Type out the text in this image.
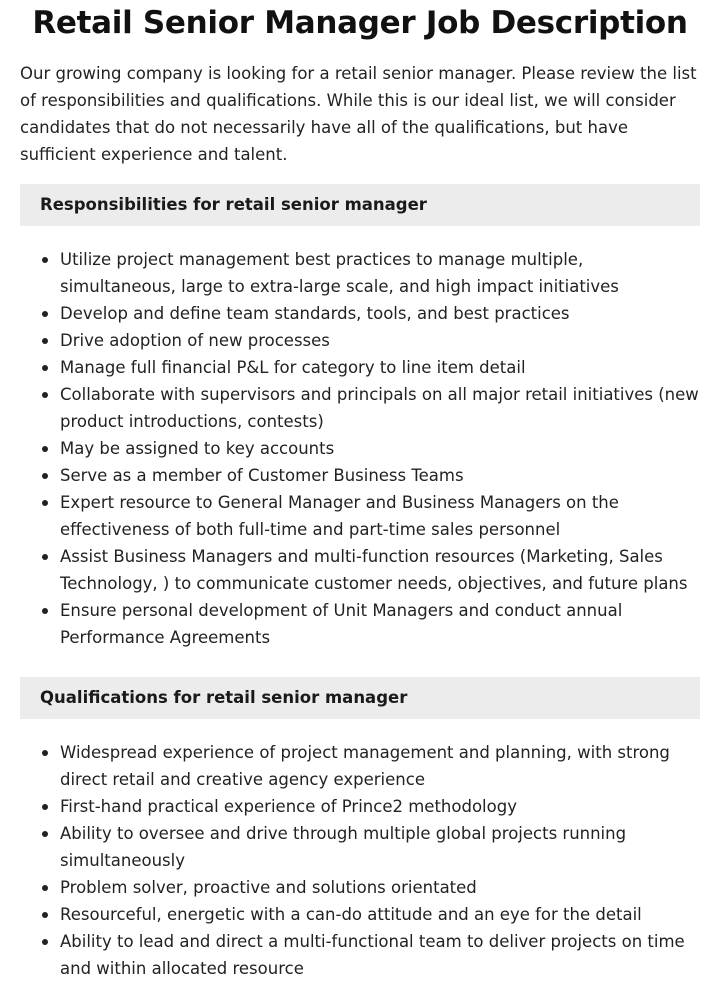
Retail Senior Manager Job Description

Our growing company is looking for a retail senior manager. Please review the list of responsibilities and qualifications. While this is our ideal list, we will consider candidates that do not necessarily have all of the qualifications, but have sufficient experience and talent.

Responsibilities for retail senior manager
Utilize project management best practices to manage multiple, simultaneous, large to extra-large scale, and high impact initiatives
Develop and define team standards, tools, and best practices
Drive adoption of new processes
Manage full financial P&L for category to line item detail
Collaborate with supervisors and principals on all major retail initiatives (new product introductions, contests)
May be assigned to key accounts
Serve as a member of Customer Business Teams
Expert resource to General Manager and Business Managers on the effectiveness of both full-time and part-time sales personnel
Assist Business Managers and multi-function resources (Marketing, Sales Technology, ) to communicate customer needs, objectives, and future plans
Ensure personal development of Unit Managers and conduct annual Performance Agreements
Qualifications for retail senior manager
Widespread experience of project management and planning, with strong direct retail and creative agency experience
First-hand practical experience of Prince2 methodology
Ability to oversee and drive through multiple global projects running simultaneously
Problem solver, proactive and solutions orientated
Resourceful, energetic with a can-do attitude and an eye for the detail
Ability to lead and direct a multi-functional team to deliver projects on time and within allocated resource
